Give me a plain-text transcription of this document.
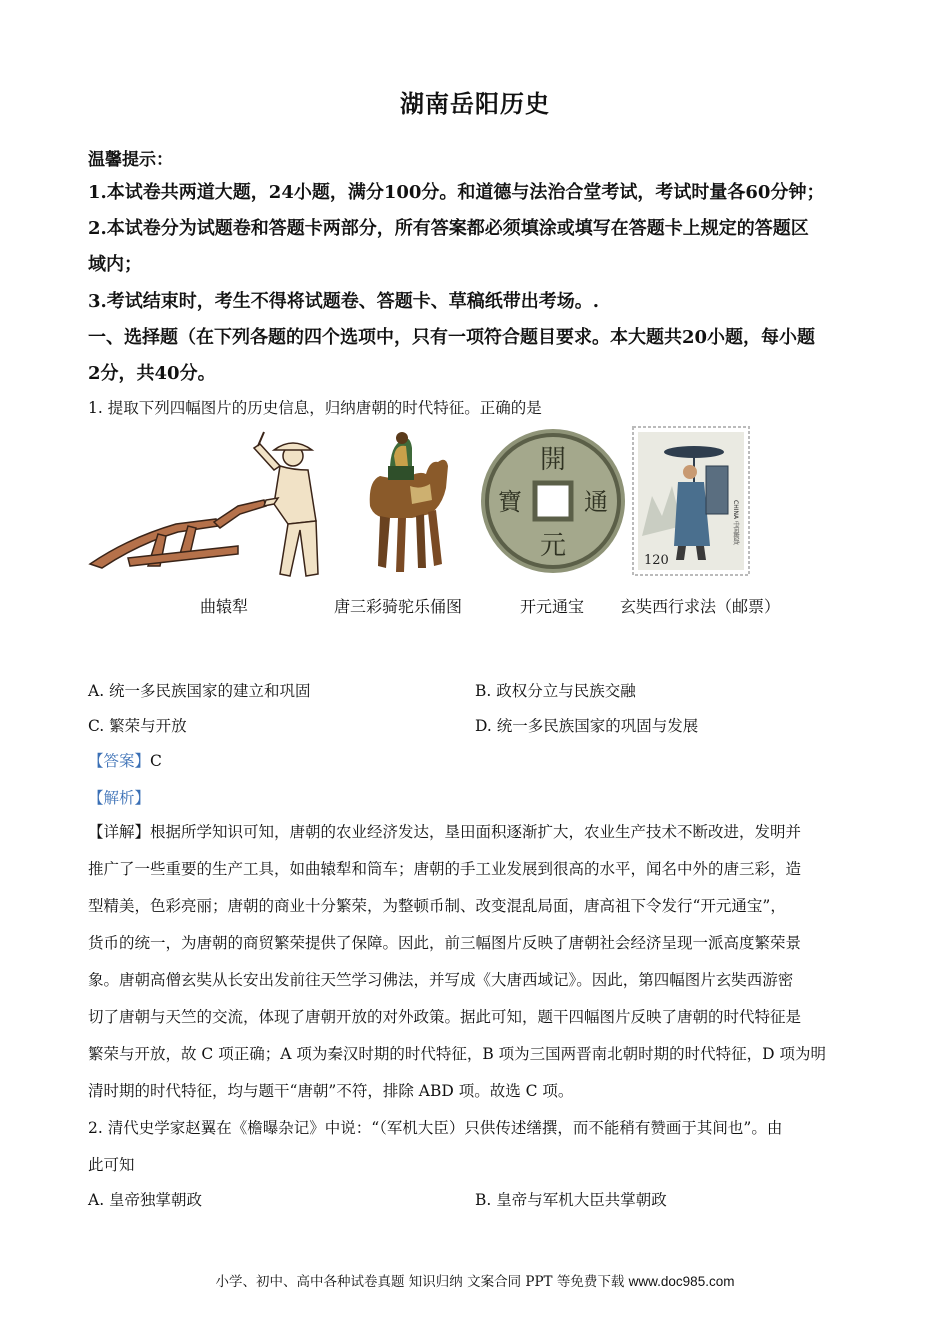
湖南岳阳历史
温馨提示：
1.本试卷共两道大题，24小题，满分100分。和道德与法治合堂考试，考试时量各60分钟；
2.本试卷分为试题卷和答题卡两部分，所有答案都必须填涂或填写在答题卡上规定的答题区
域内；
3.考试结束时，考生不得将试题卷、答题卡、草稿纸带出考场。.
一、选择题（在下列各题的四个选项中，只有一项符合题目要求。本大题共20小题，每小题
2分，共40分。
1. 提取下列四幅图片的历史信息，归纳唐朝的时代特征。正确的是
開
通
元
寶
120
CHINA 中国邮政
曲辕犁	唐三彩骑驼乐俑图	开元通宝 玄奘西行求法（邮票）
A. 统一多民族国家的建立和巩固	B. 政权分立与民族交融
C. 繁荣与开放	D. 统一多民族国家的巩固与发展
【答案】C
【解析】
【详解】根据所学知识可知，唐朝的农业经济发达，垦田面积逐渐扩大，农业生产技术不断改进，发明并
推广了一些重要的生产工具，如曲辕犁和筒车；唐朝的手工业发展到很高的水平，闻名中外的唐三彩，造
型精美，色彩亮丽；唐朝的商业十分繁荣，为整顿币制、改变混乱局面，唐高祖下令发行“开元通宝”，
货币的统一，为唐朝的商贸繁荣提供了保障。因此，前三幅图片反映了唐朝社会经济呈现一派高度繁荣景
象。唐朝高僧玄奘从长安出发前往天竺学习佛法，并写成《大唐西域记》。因此，第四幅图片玄奘西游密
切了唐朝与天竺的交流，体现了唐朝开放的对外政策。据此可知，题干四幅图片反映了唐朝的时代特征是
繁荣与开放，故 C 项正确；A 项为秦汉时期的时代特征，B 项为三国两晋南北朝时期的时代特征，D 项为明
清时期的时代特征，均与题干“唐朝”不符，排除 ABD 项。故选 C 项。
2. 清代史学家赵翼在《檐曝杂记》中说：“（军机大臣）只供传述缮撰，而不能稍有赞画于其间也”。由
此可知
A. 皇帝独掌朝政	B. 皇帝与军机大臣共掌朝政
小学、初中、高中各种试卷真题 知识归纳 文案合同 PPT 等免费下载 www.doc985.com
